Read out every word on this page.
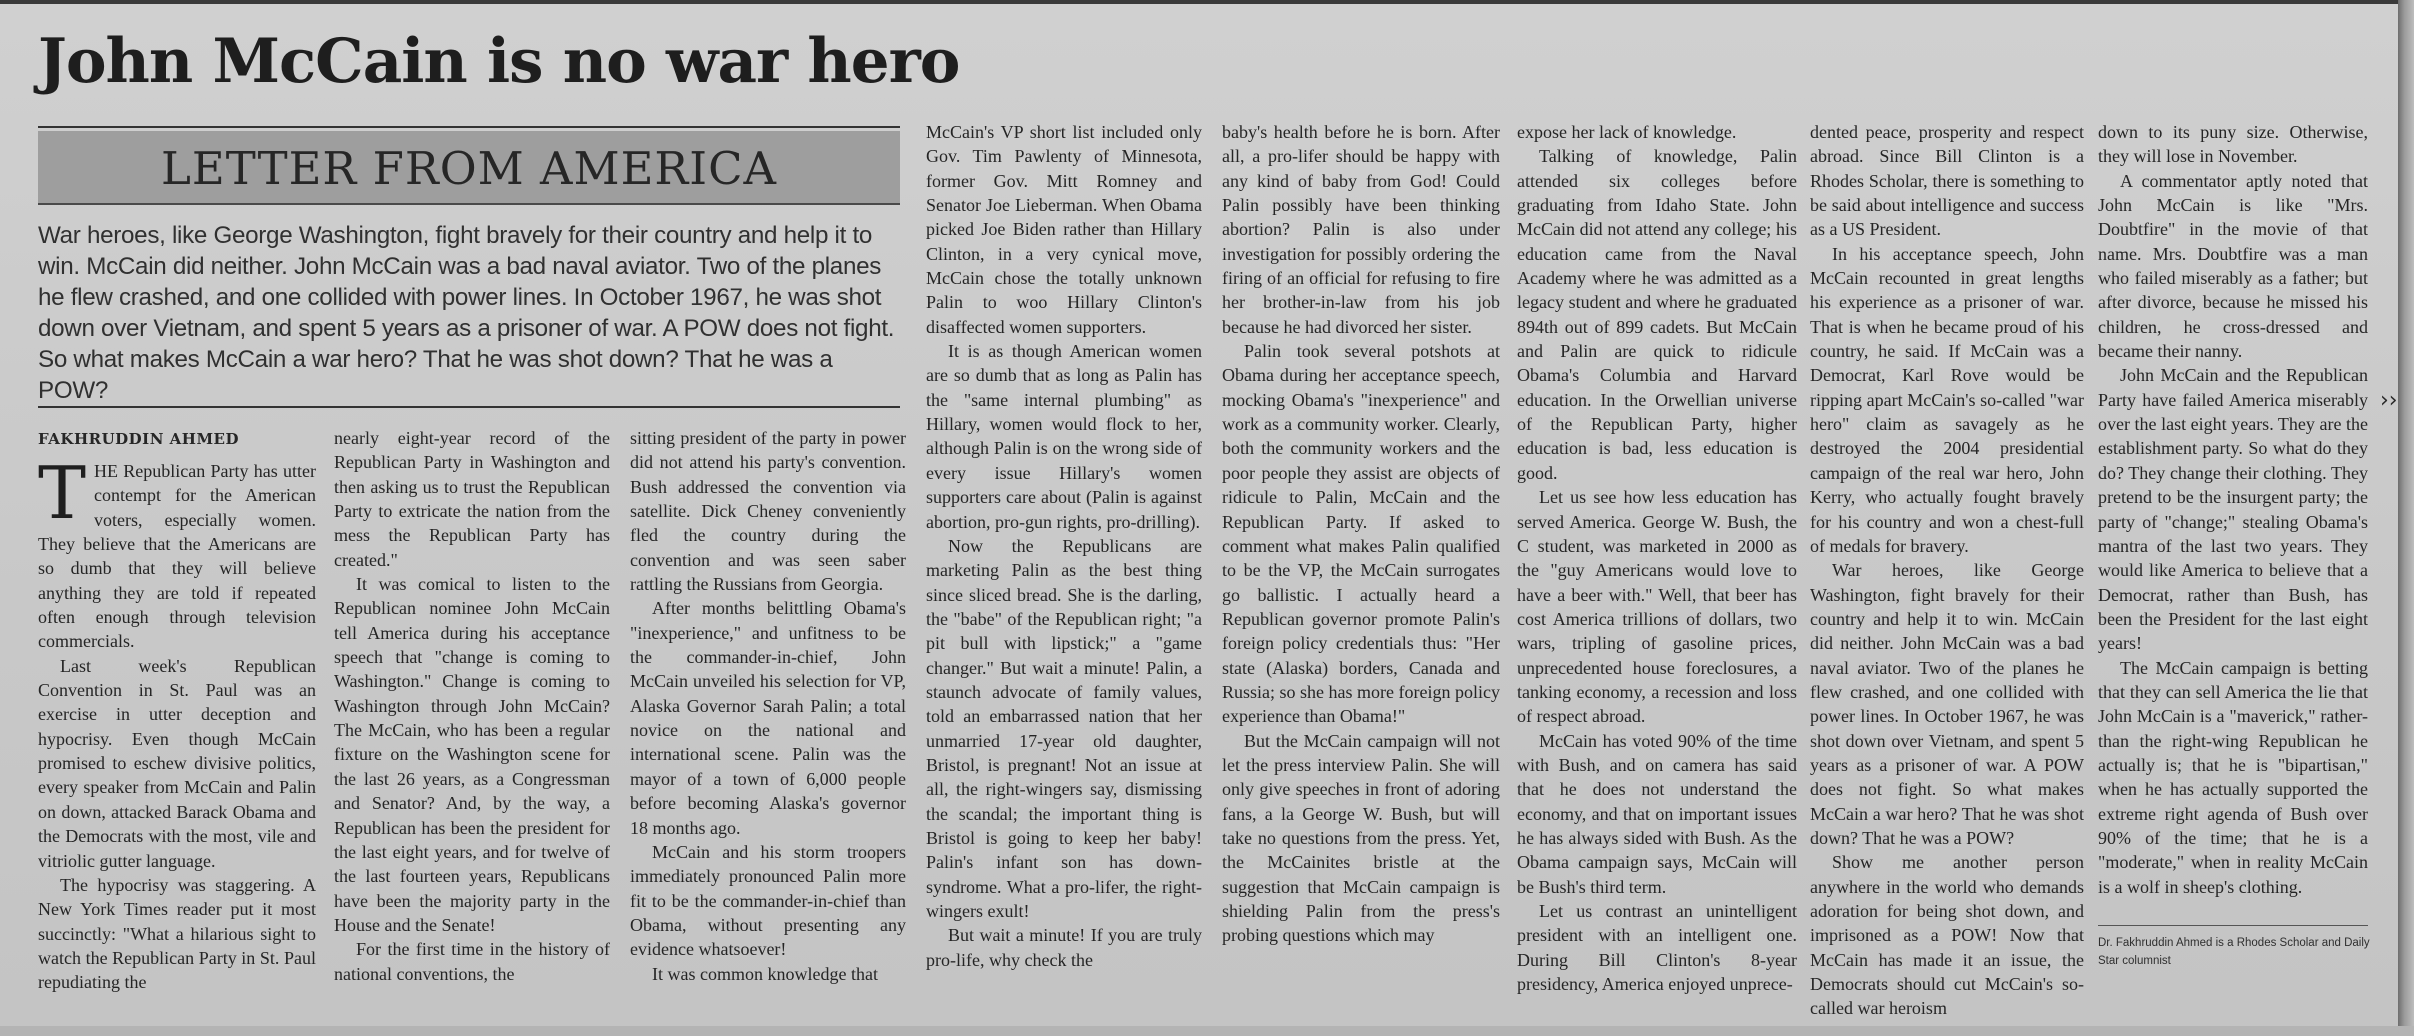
John McCain is no war hero
LETTER FROM AMERICA

War heroes, like George Washington, fight bravely for their country and help it to win. McCain did neither. John McCain was a bad naval aviator. Two of the planes he flew crashed, and one collided with power lines. In October 1967, he was shot down over Vietnam, and spent 5 years as a prisoner of war. A POW does not fight. So what makes McCain a war hero? That he was shot down? That he was a POW?

FAKHRUDDIN AHMED
T HE Republican Party has utter contempt for the American voters, especially women. They believe that the Americans are so dumb that they will believe anything they are told if repeated often enough through television commercials.

Last week's Republican Convention in St. Paul was an exercise in utter deception and hypocrisy. Even though McCain promised to eschew divisive politics, every speaker from McCain and Palin on down, attacked Barack Obama and the Democrats with the most, vile and vitriolic gutter language.

The hypocrisy was staggering. A New York Times reader put it most succinctly: "What a hilarious sight to watch the Republican Party in St. Paul repudiating the

nearly eight-year record of the Republican Party in Washington and then asking us to trust the Republican Party to extricate the nation from the mess the Republican Party has created."

It was comical to listen to the Republican nominee John McCain tell America during his acceptance speech that "change is coming to Washington." Change is coming to Washington through John McCain? The McCain, who has been a regular fixture on the Washington scene for the last 26 years, as a Congressman and Senator? And, by the way, a Republican has been the president for the last eight years, and for twelve of the last fourteen years, Republicans have been the majority party in the House and the Senate!

For the first time in the history of national conventions, the

sitting president of the party in power did not attend his party's convention. Bush addressed the convention via satellite. Dick Cheney conveniently fled the country during the convention and was seen saber rattling the Russians from Georgia.

After months belittling Obama's "inexperience," and unfitness to be the commander-in-chief, John McCain unveiled his selection for VP, Alaska Governor Sarah Palin; a total novice on the national and international scene. Palin was the mayor of a town of 6,000 people before becoming Alaska's governor 18 months ago.

McCain and his storm troopers immediately pronounced Palin more fit to be the commander-in-chief than Obama, without presenting any evidence whatsoever!

It was common knowledge that

McCain's VP short list included only Gov. Tim Pawlenty of Minnesota, former Gov. Mitt Romney and Senator Joe Lieberman. When Obama picked Joe Biden rather than Hillary Clinton, in a very cynical move, McCain chose the totally unknown Palin to woo Hillary Clinton's disaffected women supporters.

It is as though American women are so dumb that as long as Palin has the "same internal plumbing" as Hillary, women would flock to her, although Palin is on the wrong side of every issue Hillary's women supporters care about (Palin is against abortion, pro-gun rights, pro-drilling).

Now the Republicans are marketing Palin as the best thing since sliced bread. She is the darling, the "babe" of the Republican right; "a pit bull with lipstick;" a "game changer." But wait a minute! Palin, a staunch advocate of family values, told an embarrassed nation that her unmarried 17-year old daughter, Bristol, is pregnant! Not an issue at all, the right-wingers say, dismissing the scandal; the important thing is Bristol is going to keep her baby! Palin's infant son has down-syndrome. What a pro-lifer, the right-wingers exult!

But wait a minute! If you are truly pro-life, why check the

baby's health before he is born. After all, a pro-lifer should be happy with any kind of baby from God! Could Palin possibly have been thinking abortion? Palin is also under investigation for possibly ordering the firing of an official for refusing to fire her brother-in-law from his job because he had divorced her sister.

Palin took several potshots at Obama during her acceptance speech, mocking Obama's "inexperience" and work as a community worker. Clearly, both the community workers and the poor people they assist are objects of ridicule to Palin, McCain and the Republican Party. If asked to comment what makes Palin qualified to be the VP, the McCain surrogates go ballistic. I actually heard a Republican governor promote Palin's foreign policy credentials thus: "Her state (Alaska) borders, Canada and Russia; so she has more foreign policy experience than Obama!"

But the McCain campaign will not let the press interview Palin. She will only give speeches in front of adoring fans, a la George W. Bush, but will take no questions from the press. Yet, the McCainites bristle at the suggestion that McCain campaign is shielding Palin from the press's probing questions which may

expose her lack of knowledge.

Talking of knowledge, Palin attended six colleges before graduating from Idaho State. John McCain did not attend any college; his education came from the Naval Academy where he was admitted as a legacy student and where he graduated 894th out of 899 cadets. But McCain and Palin are quick to ridicule Obama's Columbia and Harvard education. In the Orwellian universe of the Republican Party, higher education is bad, less education is good.

Let us see how less education has served America. George W. Bush, the C student, was marketed in 2000 as the "guy Americans would love to have a beer with." Well, that beer has cost America trillions of dollars, two wars, tripling of gasoline prices, unprecedented house foreclosures, a tanking economy, a recession and loss of respect abroad.

McCain has voted 90% of the time with Bush, and on camera has said that he does not understand the economy, and that on important issues he has always sided with Bush. As the Obama campaign says, McCain will be Bush's third term.

Let us contrast an unintelligent president with an intelligent one. During Bill Clinton's 8-year presidency, America enjoyed unprece-

dented peace, prosperity and respect abroad. Since Bill Clinton is a Rhodes Scholar, there is something to be said about intelligence and success as a US President.

In his acceptance speech, John McCain recounted in great lengths his experience as a prisoner of war. That is when he became proud of his country, he said. If McCain was a Democrat, Karl Rove would be ripping apart McCain's so-called "war hero" claim as savagely as he destroyed the 2004 presidential campaign of the real war hero, John Kerry, who actually fought bravely for his country and won a chest-full of medals for bravery.

War heroes, like George Washington, fight bravely for their country and help it to win. McCain did neither. John McCain was a bad naval aviator. Two of the planes he flew crashed, and one collided with power lines. In October 1967, he was shot down over Vietnam, and spent 5 years as a prisoner of war. A POW does not fight. So what makes McCain a war hero? That he was shot down? That he was a POW?

Show me another person anywhere in the world who demands adoration for being shot down, and imprisoned as a POW! Now that McCain has made it an issue, the Democrats should cut McCain's so-called war heroism

down to its puny size. Otherwise, they will lose in November.

A commentator aptly noted that John McCain is like "Mrs. Doubtfire" in the movie of that name. Mrs. Doubtfire was a man who failed miserably as a father; but after divorce, because he missed his children, he cross-dressed and became their nanny.

John McCain and the Republican Party have failed America miserably over the last eight years. They are the establishment party. So what do they do? They change their clothing. They pretend to be the insurgent party; the party of "change;" stealing Obama's mantra of the last two years. They would like America to believe that a Democrat, rather than Bush, has been the President for the last eight years!

The McCain campaign is betting that they can sell America the lie that John McCain is a "maverick," rather-than the right-wing Republican he actually is; that he is "bipartisan," when he has actually supported the extreme right agenda of Bush over 90% of the time; that he is a "moderate," when in reality McCain is a wolf in sheep's clothing.

Dr. Fakhruddin Ahmed is a Rhodes Scholar and Daily Star columnist

››
